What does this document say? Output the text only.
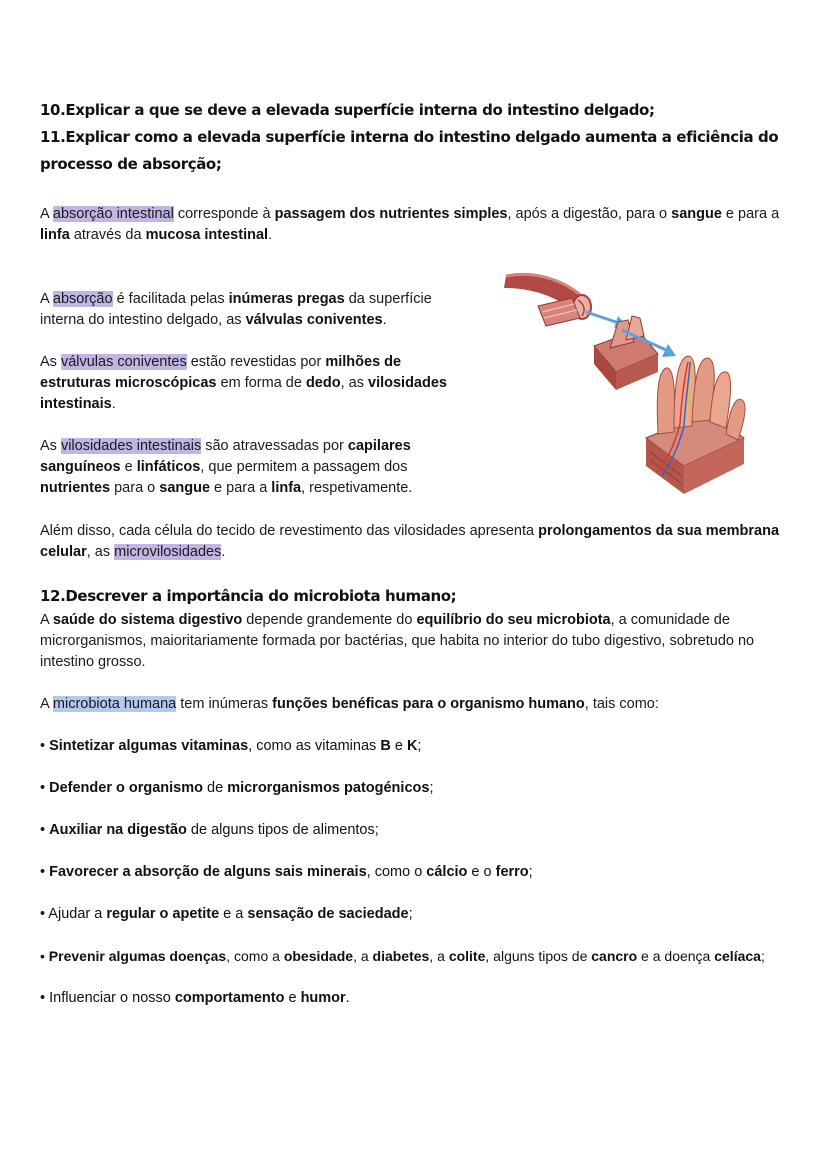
10.Explicar a que se deve a elevada superfície interna do intestino delgado;
11.Explicar como a elevada superfície interna do intestino delgado aumenta a eficiência do
processo de absorção;

A absorção intestinal corresponde à passagem dos nutrientes simples, após a digestão, para o sangue e para a linfa através da mucosa intestinal.

A absorção é facilitada pelas inúmeras pregas da superfície interna do intestino delgado, as válvulas coniventes.

As válvulas coniventes estão revestidas por milhões de estruturas microscópicas em forma de dedo, as vilosidades intestinais.

As vilosidades intestinais são atravessadas por capilares sanguíneos e linfáticos, que permitem a passagem dos nutrientes para o sangue e para a linfa, respetivamente.

Além disso, cada célula do tecido de revestimento das vilosidades apresenta prolongamentos da sua membrana celular, as microvilosidades.

12.Descrever a importância do microbiota humano;

A saúde do sistema digestivo depende grandemente do equilíbrio do seu microbiota, a comunidade de microrganismos, maioritariamente formada por bactérias, que habita no interior do tubo digestivo, sobretudo no intestino grosso.

A microbiota humana tem inúmeras funções benéficas para o organismo humano, tais como:

• Sintetizar algumas vitaminas, como as vitaminas B e K;

• Defender o organismo de microrganismos patogénicos;

• Auxiliar na digestão de alguns tipos de alimentos;

• Favorecer a absorção de alguns sais minerais, como o cálcio e o ferro;

• Ajudar a regular o apetite e a sensação de saciedade;

• Prevenir algumas doenças, como a obesidade, a diabetes, a colite, alguns tipos de cancro e a doença celíaca;

• Influenciar o nosso comportamento e humor.
